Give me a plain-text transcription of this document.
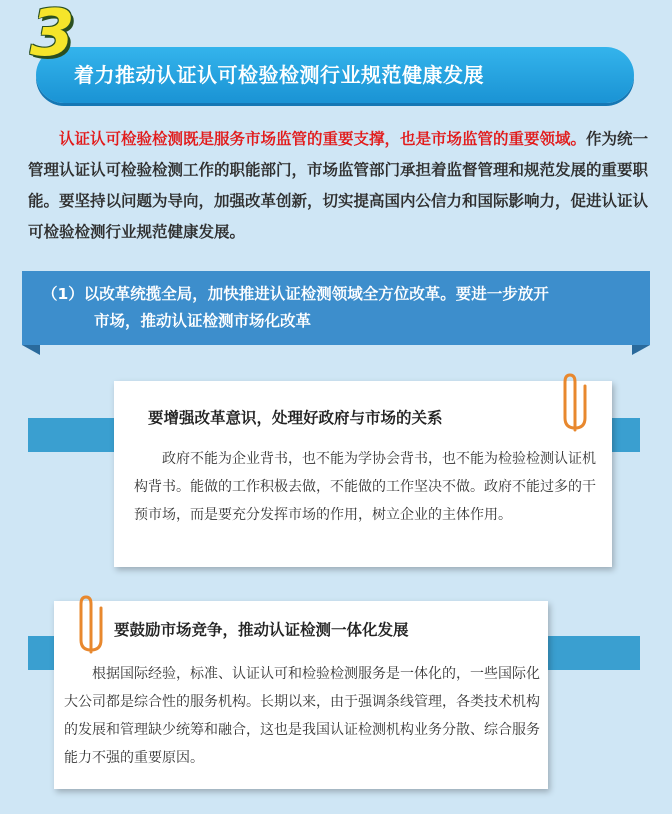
着力推动认证认可检验检测行业规范健康发展
3
认证认可检验检测既是服务市场监管的重要支撑，也是市场监管的重要领域。作为统一管理认证认可检验检测工作的职能部门，市场监管部门承担着监督管理和规范发展的重要职能。要坚持以问题为导向，加强改革创新，切实提高国内公信力和国际影响力，促进认证认可检验检测行业规范健康发展。
（1）以改革统揽全局，加快推进认证检测领域全方位改革。要进一步放开
市场，推动认证检测市场化改革
要增强改革意识，处理好政府与市场的关系
政府不能为企业背书，也不能为学协会背书，也不能为检验检测认证机构背书。能做的工作积极去做，不能做的工作坚决不做。政府不能过多的干预市场，而是要充分发挥市场的作用，树立企业的主体作用。
要鼓励市场竞争，推动认证检测一体化发展
根据国际经验，标准、认证认可和检验检测服务是一体化的，一些国际化大公司都是综合性的服务机构。长期以来，由于强调条线管理，各类技术机构的发展和管理缺少统筹和融合，这也是我国认证检测机构业务分散、综合服务能力不强的重要原因。
